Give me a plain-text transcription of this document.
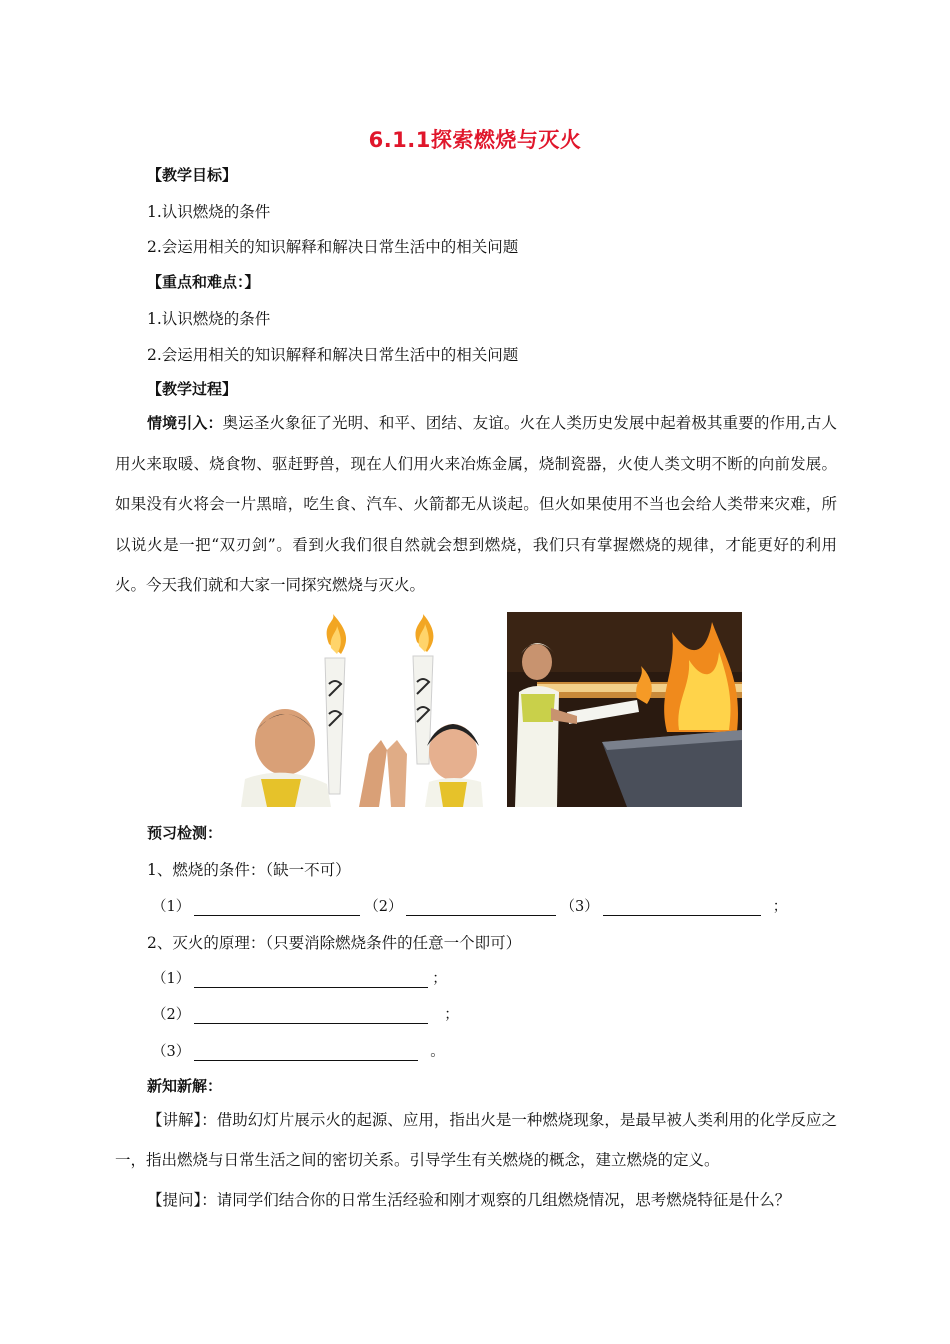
6.1.1探索燃烧与灭火
【教学目标】
1.认识燃烧的条件
2.会运用相关的知识解释和解决日常生活中的相关问题
【重点和难点：】
1.认识燃烧的条件
2.会运用相关的知识解释和解决日常生活中的相关问题
【教学过程】
情境引入：奥运圣火象征了光明、和平、团结、友谊。火在人类历史发展中起着极其重要的作用,古人用火来取暖、烧食物、驱赶野兽，现在人们用火来冶炼金属，烧制瓷器，火使人类文明不断的向前发展。如果没有火将会一片黑暗，吃生食、汽车、火箭都无从谈起。但火如果使用不当也会给人类带来灾难，所以说火是一把“双刃剑”。看到火我们很自然就会想到燃烧，我们只有掌握燃烧的规律，才能更好的利用火。今天我们就和大家一同探究燃烧与灭火。
预习检测：
1、燃烧的条件：（缺一不可）
（1）	（2）	（3）	；
2、灭火的原理：（只要消除燃烧条件的任意一个即可）
（1）	；
（2）	；
（3）	。
新知新解：
【讲解】：借助幻灯片展示火的起源、应用，指出火是一种燃烧现象，是最早被人类利用的化学反应之一，指出燃烧与日常生活之间的密切关系。引导学生有关燃烧的概念，建立燃烧的定义。
【提问】：请同学们结合你的日常生活经验和刚才观察的几组燃烧情况，思考燃烧特征是什么？
